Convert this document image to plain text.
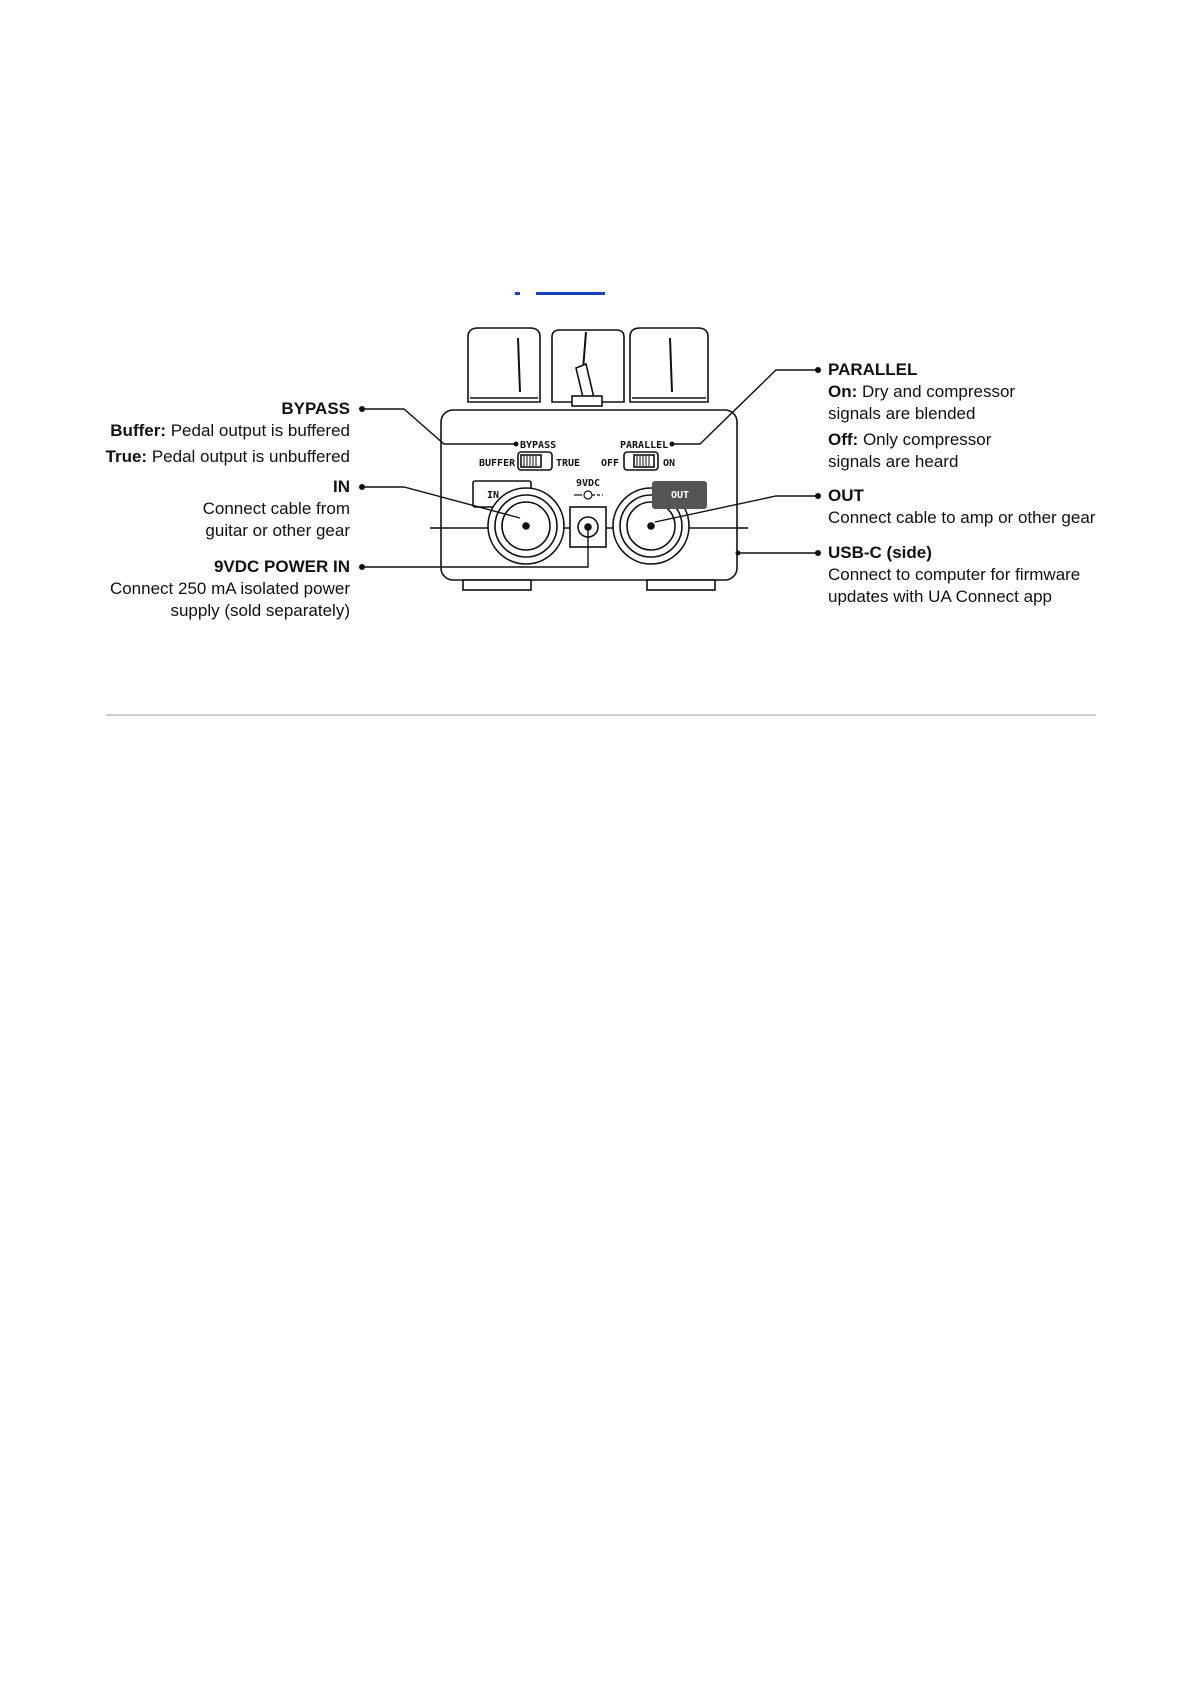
BYPASS
BUFFER	TRUE
PARALLEL
OFF	ON
9VDC
IN	OUT
BYPASS
Buffer: Pedal output is buffered
True: Pedal output is unbuffered
IN
Connect cable from
guitar or other gear
9VDC POWER IN
Connect 250 mA isolated power
supply (sold separately)
PARALLEL
On: Dry and compressor
signals are blended
Off: Only compressor
signals are heard
OUT
Connect cable to amp or other gear
USB-C (side)
Connect to computer for firmware
updates with UA Connect app
